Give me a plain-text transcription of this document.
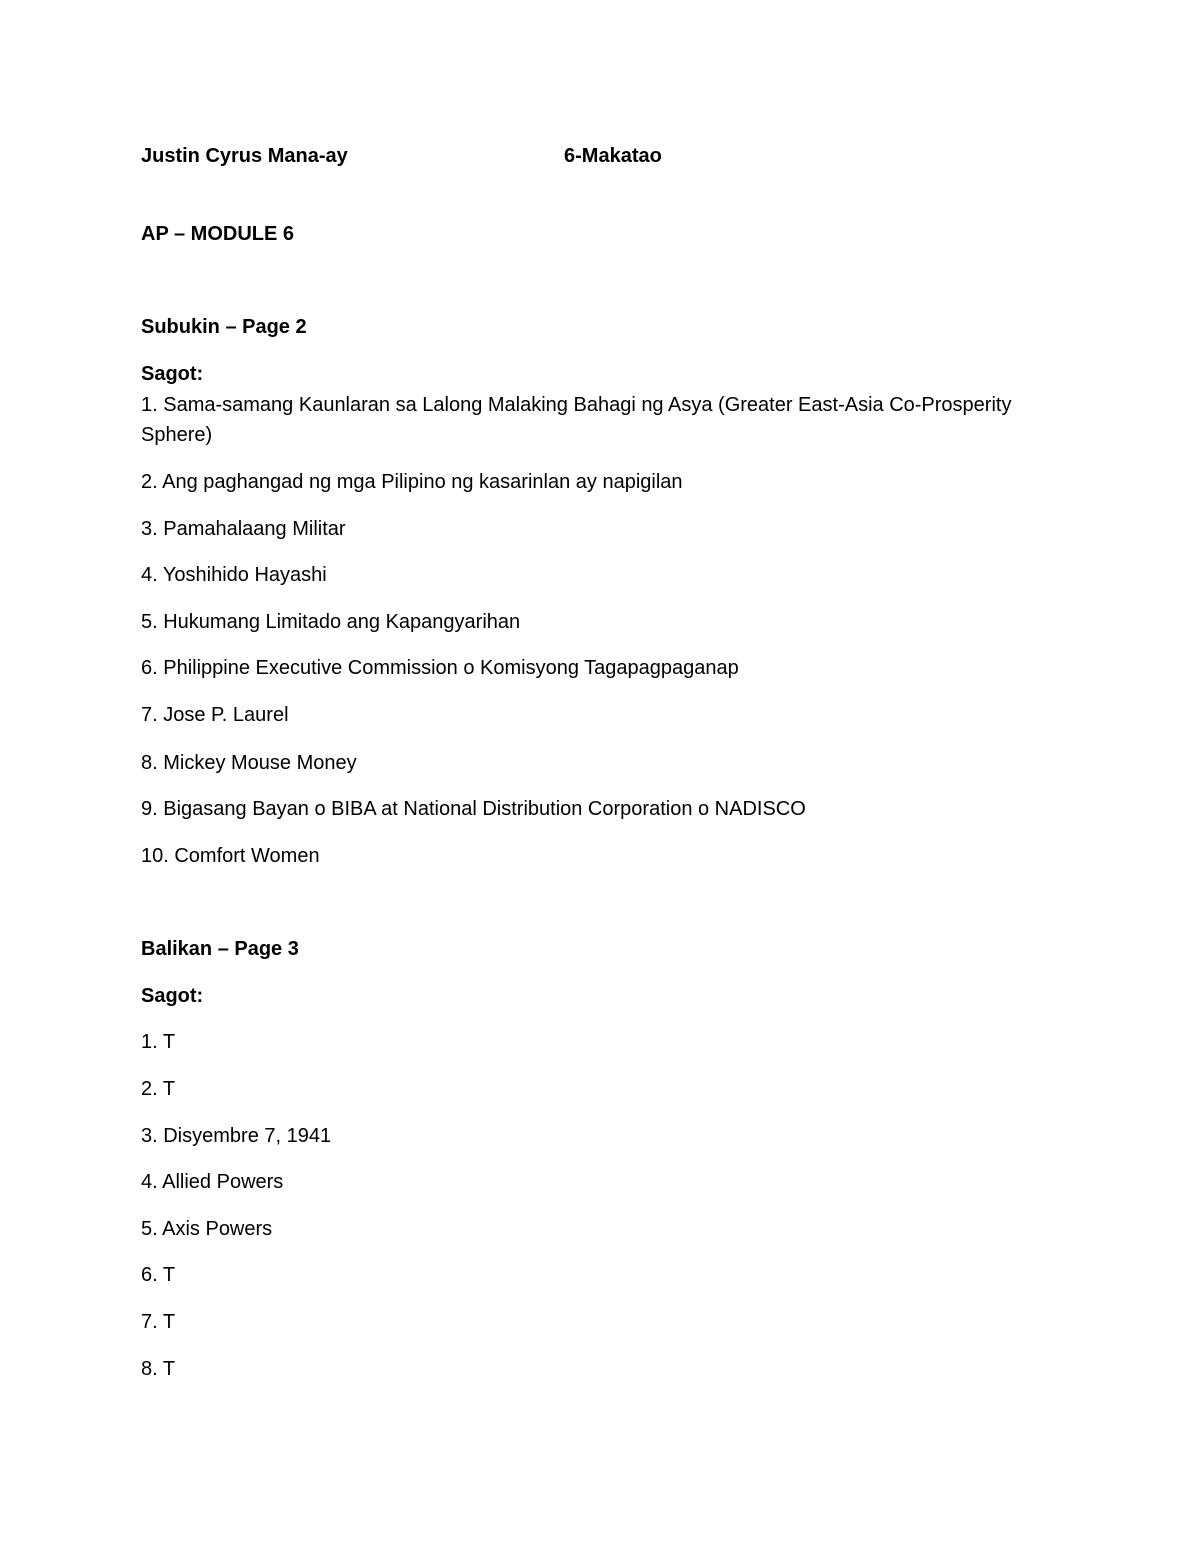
Justin Cyrus Mana-ay	6-Makatao
AP – MODULE 6
Subukin – Page 2
Sagot:
1. Sama-samang Kaunlaran sa Lalong Malaking Bahagi ng Asya (Greater East-Asia Co-Prosperity Sphere)
2. Ang paghangad ng mga Pilipino ng kasarinlan ay napigilan
3. Pamahalaang Militar
4. Yoshihido Hayashi
5. Hukumang Limitado ang Kapangyarihan
6. Philippine Executive Commission o Komisyong Tagapagpaganap
7. Jose P. Laurel
8. Mickey Mouse Money
9. Bigasang Bayan o BIBA at National Distribution Corporation o NADISCO
10. Comfort Women
Balikan – Page 3
Sagot:
1. T
2. T
3. Disyembre 7, 1941
4. Allied Powers
5. Axis Powers
6. T
7. T
8. T
